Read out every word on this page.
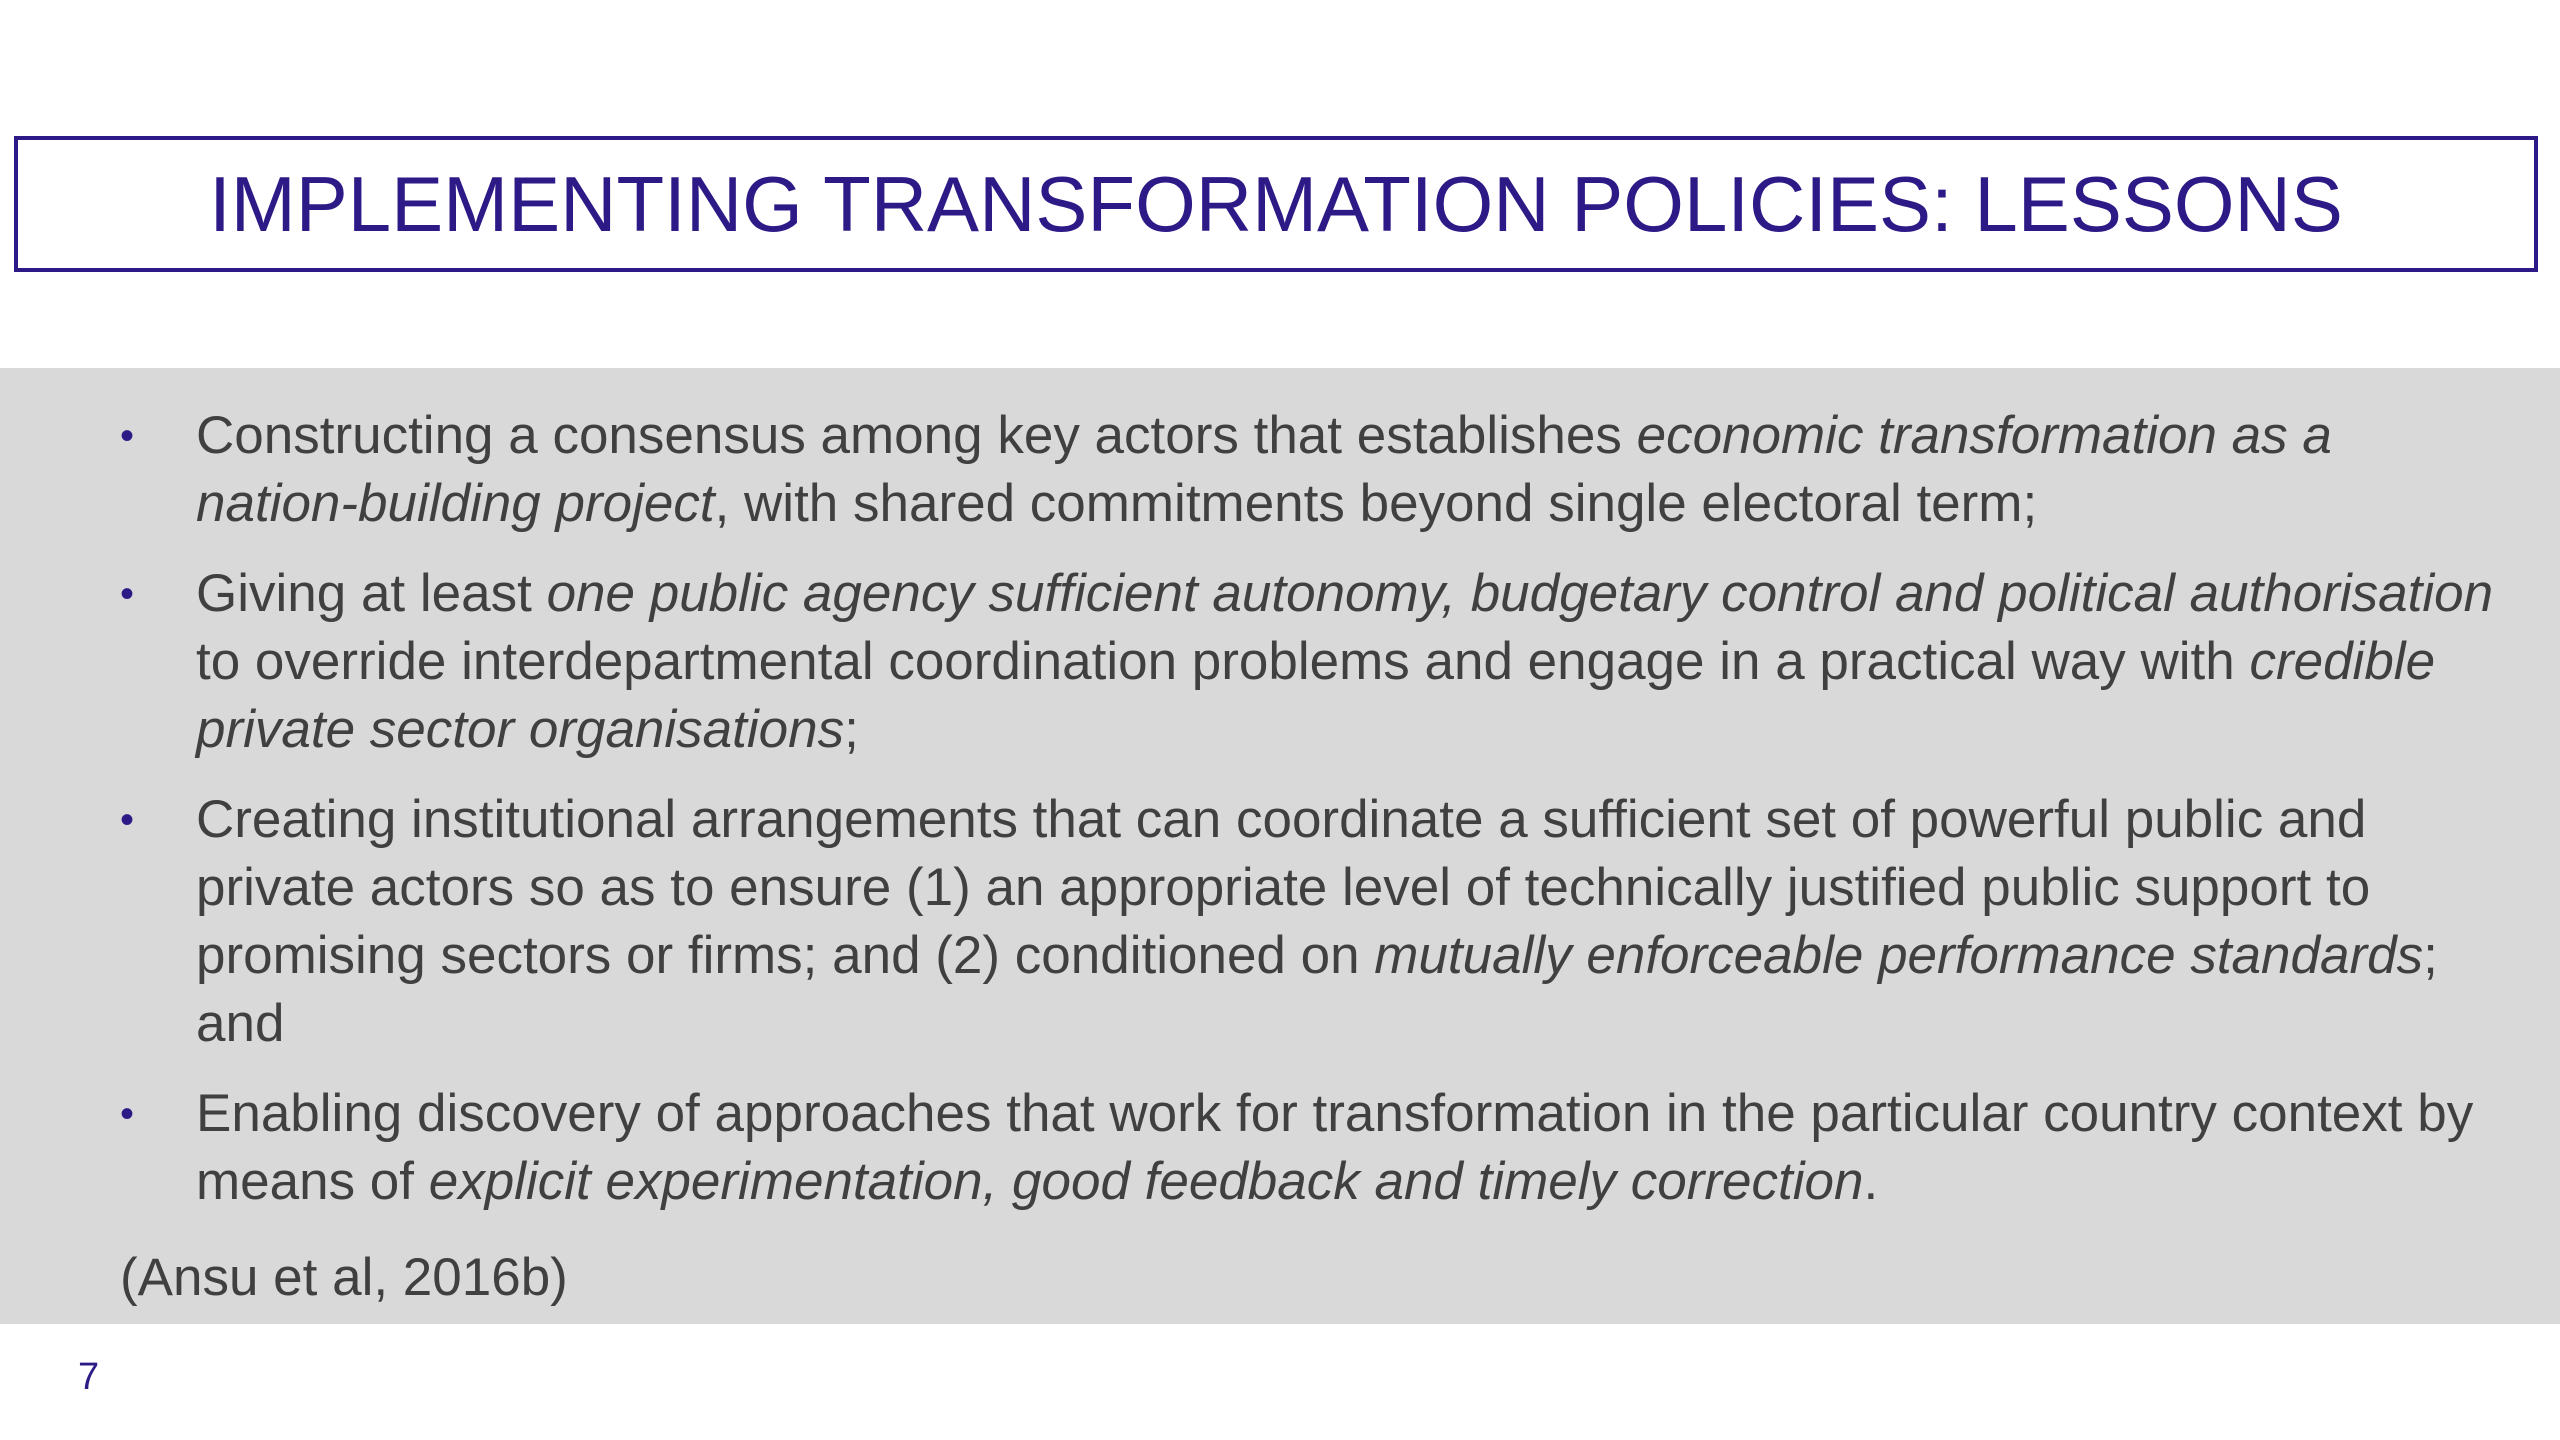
IMPLEMENTING TRANSFORMATION POLICIES: LESSONS
• Constructing a consensus among key actors that establishes economic transformation as a nation-building project, with shared commitments beyond single electoral term;
• Giving at least one public agency sufficient autonomy, budgetary control and political authorisation to override interdepartmental coordination problems and engage in a practical way with credible private sector organisations;
• Creating institutional arrangements that can coordinate a sufficient set of powerful public and private actors so as to ensure (1) an appropriate level of technically justified public support to promising sectors or firms; and (2) conditioned on mutually enforceable performance standards; and
• Enabling discovery of approaches that work for transformation in the particular country context by means of explicit experimentation, good feedback and timely correction.
(Ansu et al, 2016b)
7
